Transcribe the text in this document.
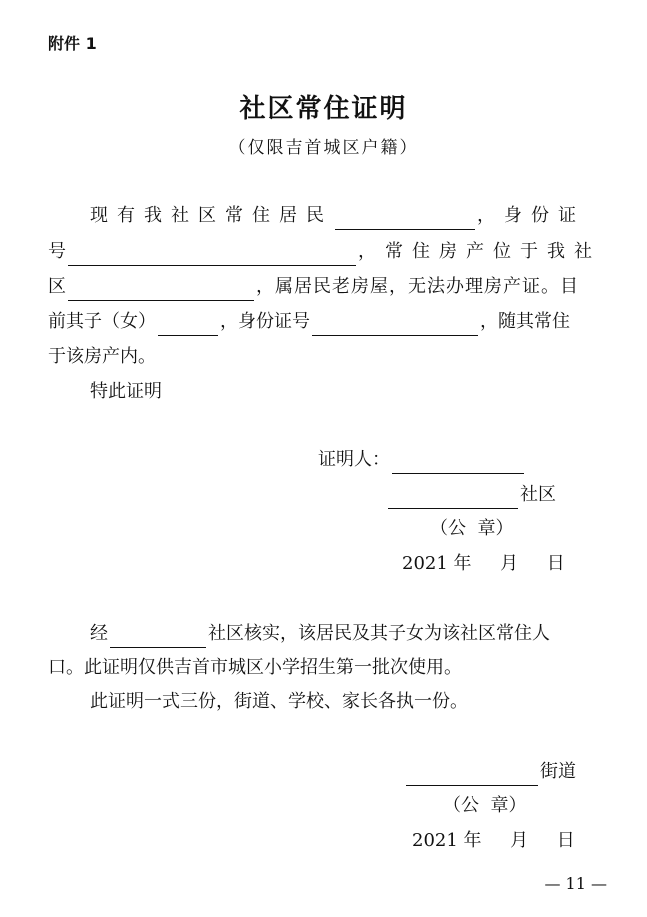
附件 1
社区常住证明
（仅限吉首城区户籍）
现有我社区常住居民	，身份证
号	，常住房产位于我社
区	，属居民老房屋，无法办理房产证。目
前其子（女）	，身份证号	，随其常住
于该房产内。
特此证明
证明人：
社区
（公  章）
2021 年     月     日
经	社区核实，该居民及其子女为该社区常住人
口。此证明仅供吉首市城区小学招生第一批次使用。
此证明一式三份，街道、学校、家长各执一份。
街道
（公  章）
2021 年     月     日
— 11 —
